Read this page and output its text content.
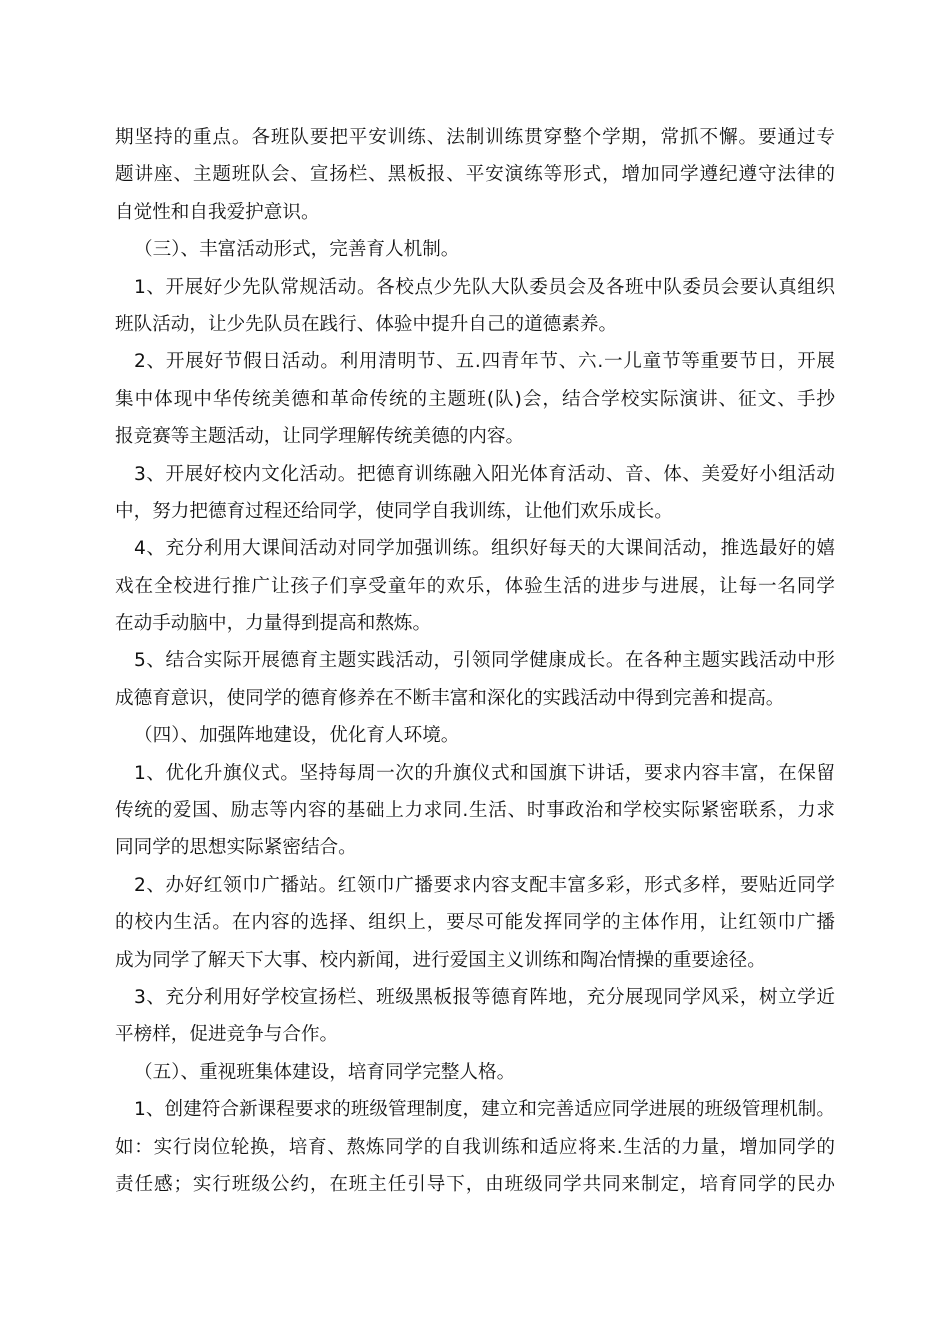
期坚持的重点。各班队要把平安训练、法制训练贯穿整个学期，常抓不懈。要通过专
题讲座、主题班队会、宣扬栏、黑板报、平安演练等形式，增加同学遵纪遵守法律的
自觉性和自我爱护意识。
（三）、丰富活动形式，完善育人机制。
1、开展好少先队常规活动。各校点少先队大队委员会及各班中队委员会要认真组织
班队活动，让少先队员在践行、体验中提升自己的道德素养。
2、开展好节假日活动。利用清明节、五.四青年节、六.一儿童节等重要节日，开展
集中体现中华传统美德和革命传统的主题班(队)会，结合学校实际演讲、征文、手抄
报竞赛等主题活动，让同学理解传统美德的内容。
3、开展好校内文化活动。把德育训练融入阳光体育活动、音、体、美爱好小组活动
中，努力把德育过程还给同学，使同学自我训练，让他们欢乐成长。
4、充分利用大课间活动对同学加强训练。组织好每天的大课间活动，推选最好的嬉
戏在全校进行推广让孩子们享受童年的欢乐，体验生活的进步与进展，让每一名同学
在动手动脑中，力量得到提高和熬炼。
5、结合实际开展德育主题实践活动，引领同学健康成长。在各种主题实践活动中形
成德育意识，使同学的德育修养在不断丰富和深化的实践活动中得到完善和提高。
（四）、加强阵地建设，优化育人环境。
1、优化升旗仪式。坚持每周一次的升旗仪式和国旗下讲话，要求内容丰富，在保留
传统的爱国、励志等内容的基础上力求同.生活、时事政治和学校实际紧密联系，力求
同同学的思想实际紧密结合。
2、办好红领巾广播站。红领巾广播要求内容支配丰富多彩，形式多样，要贴近同学
的校内生活。在内容的选择、组织上，要尽可能发挥同学的主体作用，让红领巾广播
成为同学了解天下大事、校内新闻，进行爱国主义训练和陶冶情操的重要途径。
3、充分利用好学校宣扬栏、班级黑板报等德育阵地，充分展现同学风采，树立学近
平榜样，促进竞争与合作。
（五）、重视班集体建设，培育同学完整人格。
1、创建符合新课程要求的班级管理制度，建立和完善适应同学进展的班级管理机制。
如：实行岗位轮换，培育、熬炼同学的自我训练和适应将来.生活的力量，增加同学的
责任感；实行班级公约，在班主任引导下，由班级同学共同来制定，培育同学的民办
